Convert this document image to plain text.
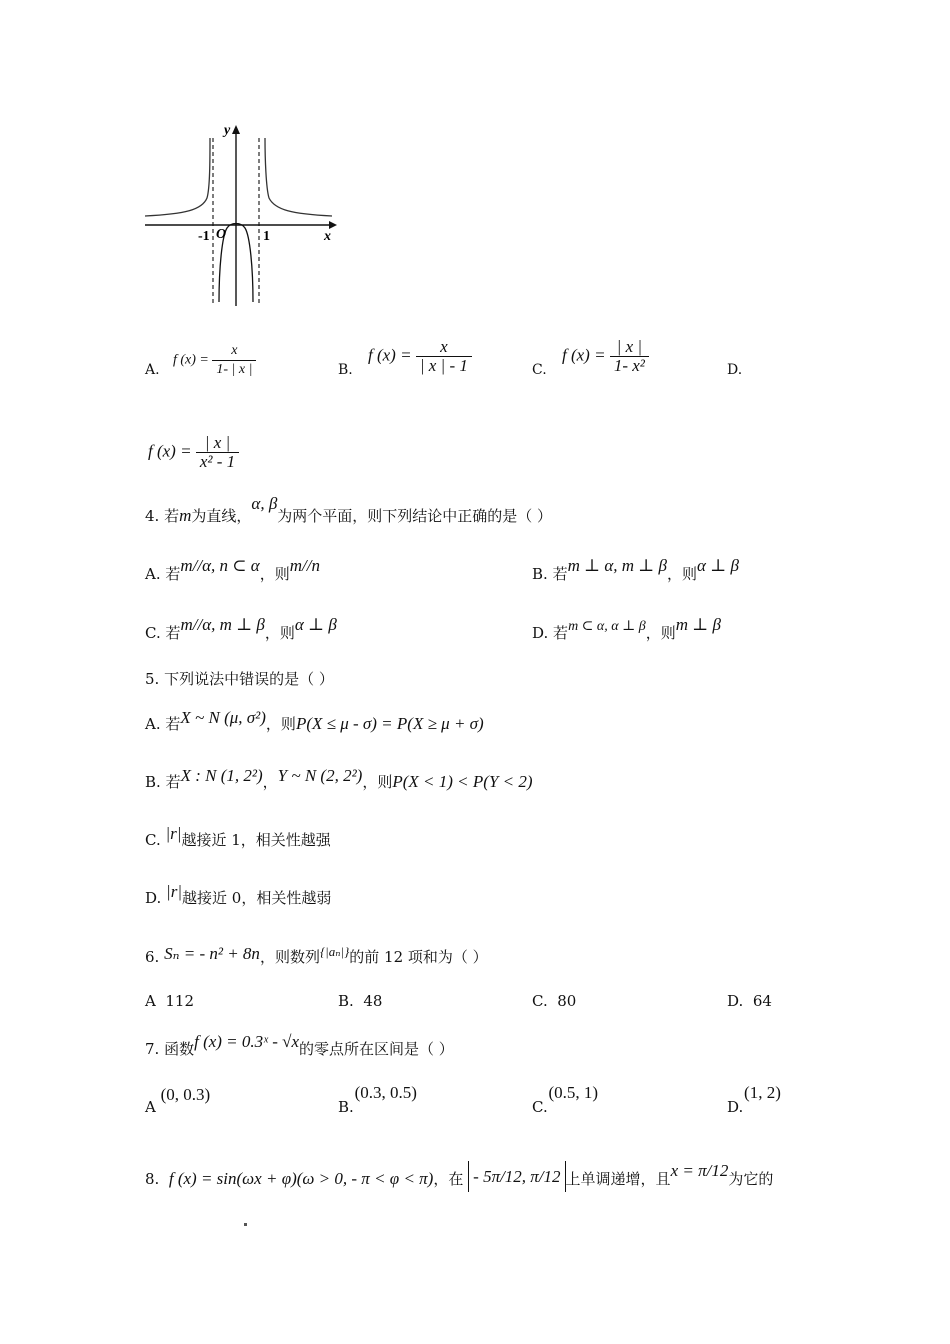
y
x
O
-1	1
A.
f $(x) = \frac{x}{1- | x |}$	B.
f $(x) = \frac{x}{| x | - 1}$	C.
f $(x) = \frac{| x |}{\text{1- x²}}$	D.
f $(x) = \frac{| x |}{\text{x² - 1}}$
4. 若m为直线，α, β为两个平面，则下列结论中正确的是（ ）
A. 若m//α, n ⊂ α，则m//n	B. 若m ⊥ α, m ⊥ β，则α ⊥ β
C. 若m//α, m ⊥ β，则α ⊥ β	D. 若m ⊂ α, α ⊥ β，则m ⊥ β
5. 下列说法中错误的是（ ）
A. 若X ~ N (μ, σ²)，则P(X ≤ μ - σ) = P(X ≥ μ + σ)
B. 若X : N (1, 2²)，Y ~ N (2, 2²)，则P(X < 1) < P(Y < 2)
C. |r|越接近 1，相关性越强
D. |r|越接近 0，相关性越弱
6. Sₙ = - n² + 8n，则数列{|aₙ|}的前 12 项和为（ ）
A 112	B. 48	C. 80	D. 64
7. 函数f (x) = 0.3ˣ - √x的零点所在区间是（ ）
A (0, 0.3)
B. (0.3, 0.5)
C. (0.5, 1)
D. (1, 2)
8. f (x) = sin(ωx + φ)(ω > 0, - π < φ < π)，在 - 5π/12, π/12 上单调递增，且x = π/12为它的
